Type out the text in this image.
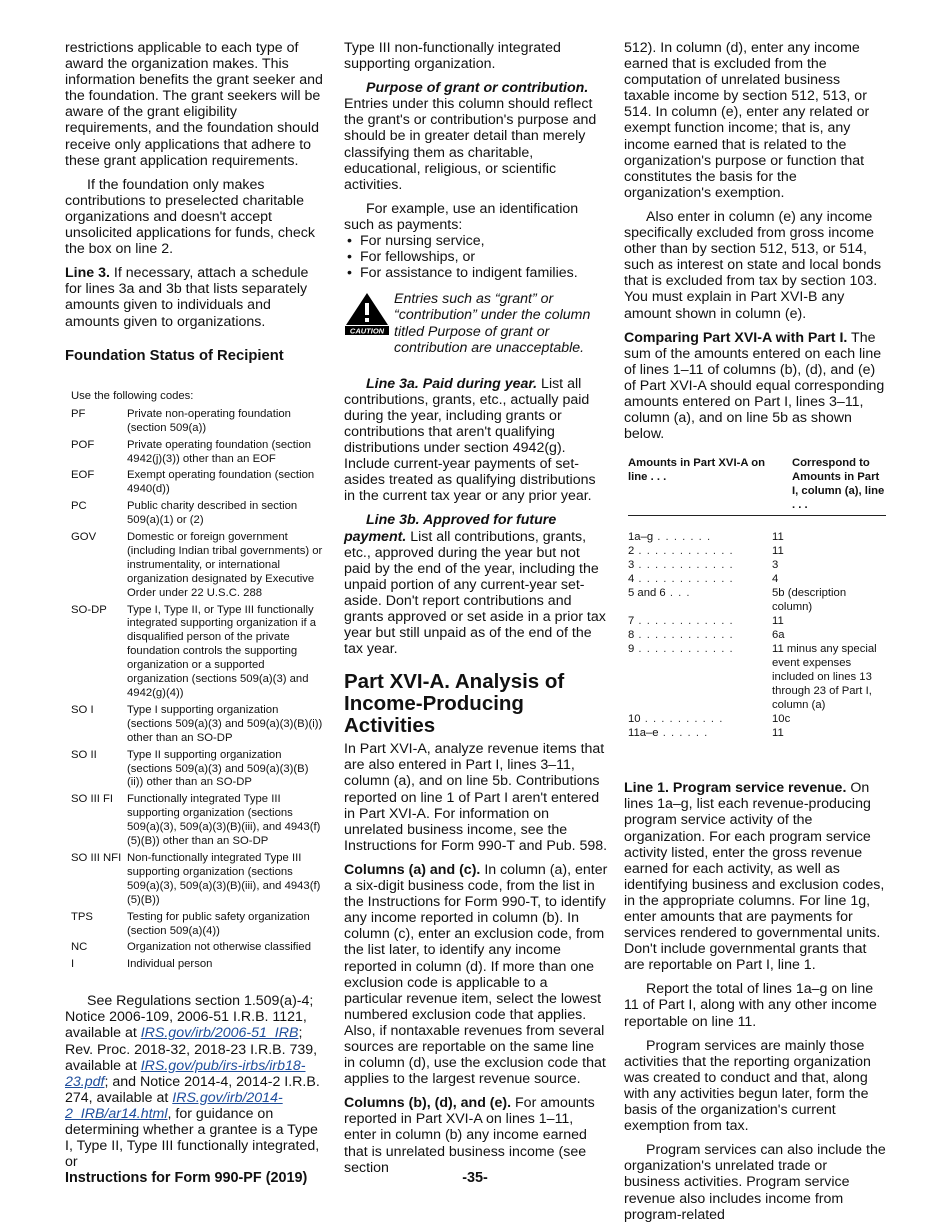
restrictions applicable to each type of award the organization makes. This information benefits the grant seeker and the foundation. The grant seekers will be aware of the grant eligibility requirements, and the foundation should receive only applications that adhere to these grant application requirements.

If the foundation only makes contributions to preselected charitable organizations and doesn't accept unsolicited applications for funds, check the box on line 2.

Line 3. If necessary, attach a schedule for lines 3a and 3b that lists separately amounts given to individuals and amounts given to organizations.

Foundation Status of Recipient
Use the following codes:
PF	Private non-operating foundation (section 509(a))
POF	Private operating foundation (section 4942(j)(3)) other than an EOF
EOF	Exempt operating foundation (section 4940(d))
PC	Public charity described in section 509(a)(1) or (2)
GOV	Domestic or foreign government (including Indian tribal governments) or instrumentality, or international organization designated by Executive Order under 22 U.S.C. 288
SO-DP	Type I, Type II, or Type III functionally integrated supporting organization if a disqualified person of the private foundation controls the supporting organization or a supported organization (sections 509(a)(3) and 4942(g)(4))
SO I	Type I supporting organization (sections 509(a)(3) and 509(a)(3)(B)(i)) other than an SO-DP
SO II	Type II supporting organization (sections 509(a)(3) and 509(a)(3)(B)(ii)) other than an SO-DP
SO III FI	Functionally integrated Type III supporting organization (sections 509(a)(3), 509(a)(3)(B)(iii), and 4943(f)(5)(B)) other than an SO-DP
SO III NFI	Non-functionally integrated Type III supporting organization (sections 509(a)(3), 509(a)(3)(B)(iii), and 4943(f)(5)(B))
TPS	Testing for public safety organization (section 509(a)(4))
NC	Organization not otherwise classified
I	Individual person

See Regulations section 1.509(a)-4; Notice 2006-109, 2006-51 I.R.B. 1121, available at IRS.gov/irb/2006-51_IRB; Rev. Proc. 2018-32, 2018-23 I.R.B. 739, available at IRS.gov/pub/irs-irbs/irb18-23.pdf; and Notice 2014-4, 2014-2 I.R.B. 274, available at IRS.gov/irb/2014-2_IRB/ar14.html, for guidance on determining whether a grantee is a Type I, Type II, Type III functionally integrated, or

Type III non-functionally integrated supporting organization.

Purpose of grant or contribution. Entries under this column should reflect the grant's or contribution's purpose and should be in greater detail than merely classifying them as charitable, educational, religious, or scientific activities.

For example, use an identification such as payments:

• For nursing service,
• For fellowships, or
• For assistance to indigent families.
CAUTION
Entries such as “grant” or “contribution” under the column titled Purpose of grant or contribution are unacceptable.

Line 3a. Paid during year. List all contributions, grants, etc., actually paid during the year, including grants or contributions that aren't qualifying distributions under section 4942(g). Include current-year payments of set-asides treated as qualifying distributions in the current tax year or any prior year.

Line 3b. Approved for future payment. List all contributions, grants, etc., approved during the year but not paid by the end of the year, including the unpaid portion of any current-year set-aside. Don't report contributions and grants approved or set aside in a prior tax year but still unpaid as of the end of the tax year.

Part XVI-A. Analysis of Income-Producing Activities

In Part XVI-A, analyze revenue items that are also entered in Part I, lines 3–11, column (a), and on line 5b. Contributions reported on line 1 of Part I aren't entered in Part XVI-A. For information on unrelated business income, see the Instructions for Form 990-T and Pub. 598.

Columns (a) and (c). In column (a), enter a six-digit business code, from the list in the Instructions for Form 990-T, to identify any income reported in column (b). In column (c), enter an exclusion code, from the list later, to identify any income reported in column (d). If more than one exclusion code is applicable to a particular revenue item, select the lowest numbered exclusion code that applies. Also, if nontaxable revenues from several sources are reportable on the same line in column (d), use the exclusion code that applies to the largest revenue source.

Columns (b), (d), and (e). For amounts reported in Part XVI-A on lines 1–11, enter in column (b) any income earned that is unrelated business income (see section

512). In column (d), enter any income earned that is excluded from the computation of unrelated business taxable income by section 512, 513, or 514. In column (e), enter any related or exempt function income; that is, any income earned that is related to the organization's purpose or function that constitutes the basis for the organization's exemption.

Also enter in column (e) any income specifically excluded from gross income other than by section 512, 513, or 514, such as interest on state and local bonds that is excluded from tax by section 103. You must explain in Part XVI-B any amount shown in column (e).

Comparing Part XVI-A with Part I. The sum of the amounts entered on each line of lines 1–11 of columns (b), (d), and (e) of Part XVI-A should equal corresponding amounts entered on Part I, lines 3–11, column (a), and on line 5b as shown below.

Amounts in Part XVI-A on line . . .
Correspond to Amounts in Part I, column (a), line . . .
1a–g . . . . . . .	11
2 . . . . . . . . . . . .	11
3 . . . . . . . . . . . .	3
4 . . . . . . . . . . . .	4
5 and 6 . . .	5b (description column)
7 . . . . . . . . . . . .	11
8 . . . . . . . . . . . .	6a
9 . . . . . . . . . . . .	11 minus any special event expenses included on lines 13 through 23 of Part I, column (a)
10 . . . . . . . . . .	10c
11a–e . . . . . .	11

Line 1. Program service revenue. On lines 1a–g, list each revenue-producing program service activity of the organization. For each program service activity listed, enter the gross revenue earned for each activity, as well as identifying business and exclusion codes, in the appropriate columns. For line 1g, enter amounts that are payments for services rendered to governmental units. Don't include governmental grants that are reportable on Part I, line 1.

Report the total of lines 1a–g on line 11 of Part I, along with any other income reportable on line 11.

Program services are mainly those activities that the reporting organization was created to conduct and that, along with any activities begun later, form the basis of the organization's current exemption from tax.

Program services can also include the organization's unrelated trade or business activities. Program service revenue also includes income from program-related

Instructions for Form 990-PF (2019)	-35-
